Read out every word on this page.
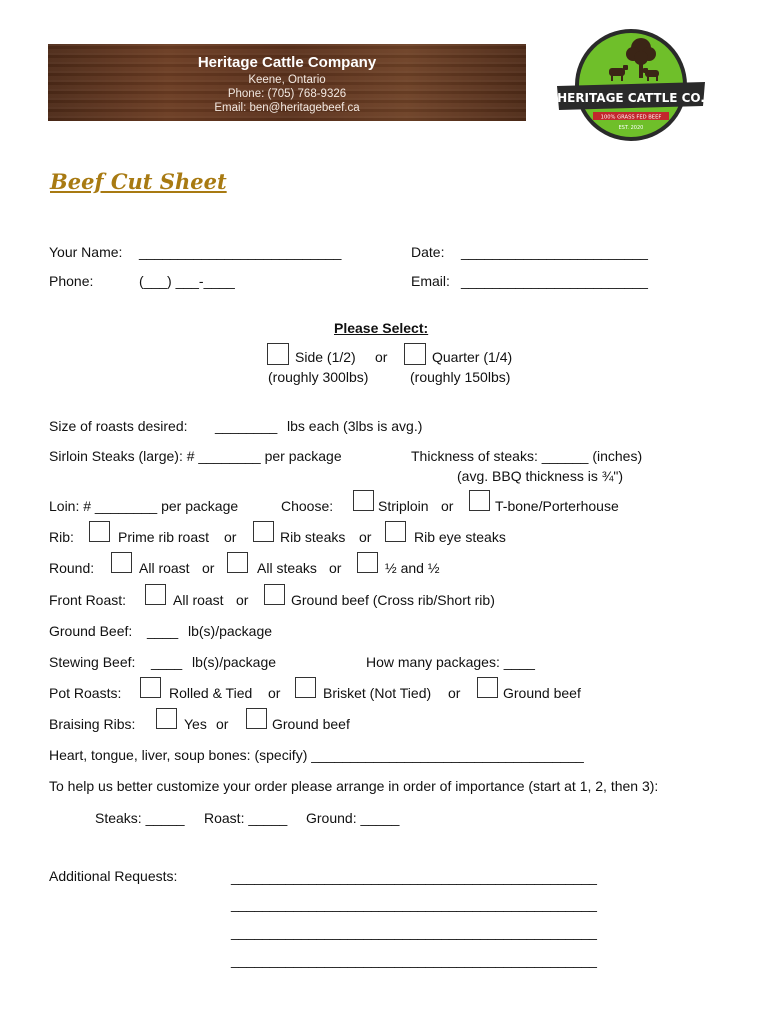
Heritage Cattle Company
Keene, Ontario
Phone: (705) 768-9326
Email: ben@heritagebeef.ca
HERITAGE CATTLE CO.
100% GRASS FED BEEF
EST. 2020
Beef Cut Sheet
Your Name: __________________________	Date: ________________________
Phone:	(___) ___-____	Email: ________________________
Please Select:
Side (1/2) or	Quarter (1/4)
(roughly 300lbs)	(roughly 150lbs)
Size of roasts desired: ________ lbs each (3lbs is avg.)
Sirloin Steaks (large): # ________ per package	Thickness of steaks: ______ (inches)
(avg. BBQ thickness is ¾")
Loin: # ________ per package	Choose:	Striploin or	T-bone/Porterhouse
Rib:	Prime rib roast or	Rib steaks or	Rib eye steaks
Round:	All roast or	All steaks or	½ and ½
Front Roast:	All roast or	Ground beef (Cross rib/Short rib)
Ground Beef: ____ lb(s)/package
Stewing Beef: ____ lb(s)/package	How many packages: ____
Pot Roasts:	Rolled & Tied or	Brisket (Not Tied) or	Ground beef
Braising Ribs:	Yes or	Ground beef
Heart, tongue, liver, soup bones: (specify) ___________________________________
To help us better customize your order please arrange in order of importance (start at 1, 2, then 3):
Steaks: _____ Roast: _____ Ground: _____
Additional Requests:	_______________________________________________
_______________________________________________
_______________________________________________
_______________________________________________
